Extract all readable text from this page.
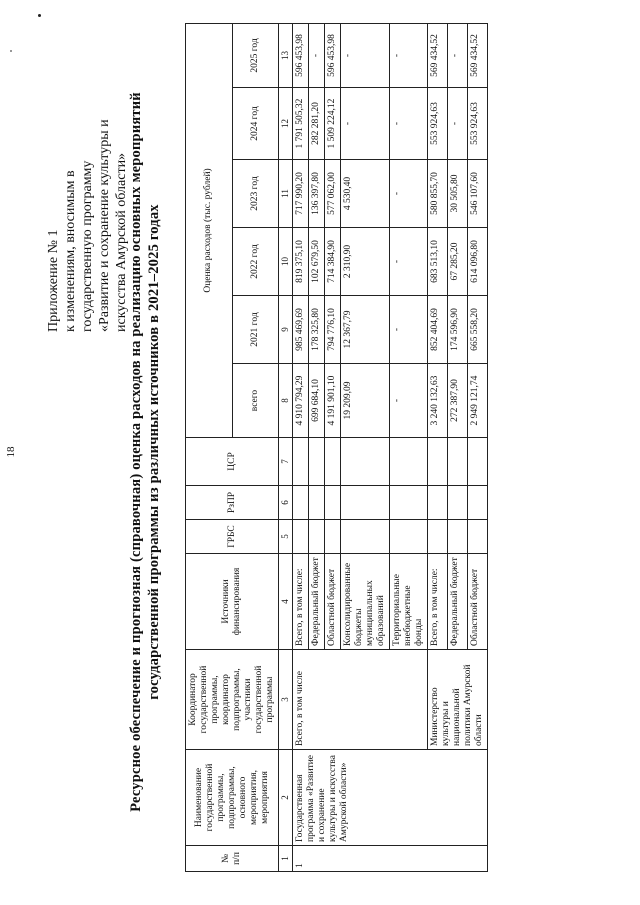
18
Приложение № 1 к изменениям, вносимым в государственную программу «Развитие и сохранение культуры и искусства Амурской области» Ресурсное обеспечение и прогнозная (справочная) оценка расходов на реализацию основных мероприятий государственной программы из различных источников в 2021–2025 годах
№ п/п	Наименование государственной программы, подпрограммы, основного мероприятия, мероприятия	Координатор государственной программы, координатор подпрограммы, участники государственной программы	Источники финансирования	ГРБС	РзПР	ЦСР	Оценка расходов (тыс. рублей)					
							всего	2021 год	2022 год	2023 год	2024 год	2025 год
1	2	3	4	5	6	7	8	9	10	11	12	13
1	Государственная программа «Развитие и сохранение культуры и искусства Амурской области»	Всего, в том числе	Всего, в том числе:				4 910 794,29	985 469,69	819 375,10	717 990,20	1 791 505,32	596 453,98
			Федеральный бюджет				699 684,10	178 325,80	102 679,50	136 397,80	282 281,20	-
			Областной бюджет				4 191 901,10	794 776,10	714 384,90	577 062,00	1 509 224,12	596 453,98
			Консолидированные бюджеты муниципальных образований				19 209,09	12 367,79	2 310,90	4 530,40	-	-
			Территориальные внебюджетные фонды				-	-	-	-	-	-
		Министерство культуры и национальной политики Амурской области	Всего, в том числе:				3 240 132,63	852 404,69	683 513,10	580 855,70	553 924,63	569 434,52
			Федеральный бюджет				272 387,90	174 596,90	67 285,20	30 505,80	-	-
			Областной бюджет				2 949 121,74	665 558,20	614 096,80	546 107,60	553 924,63	569 434,52
